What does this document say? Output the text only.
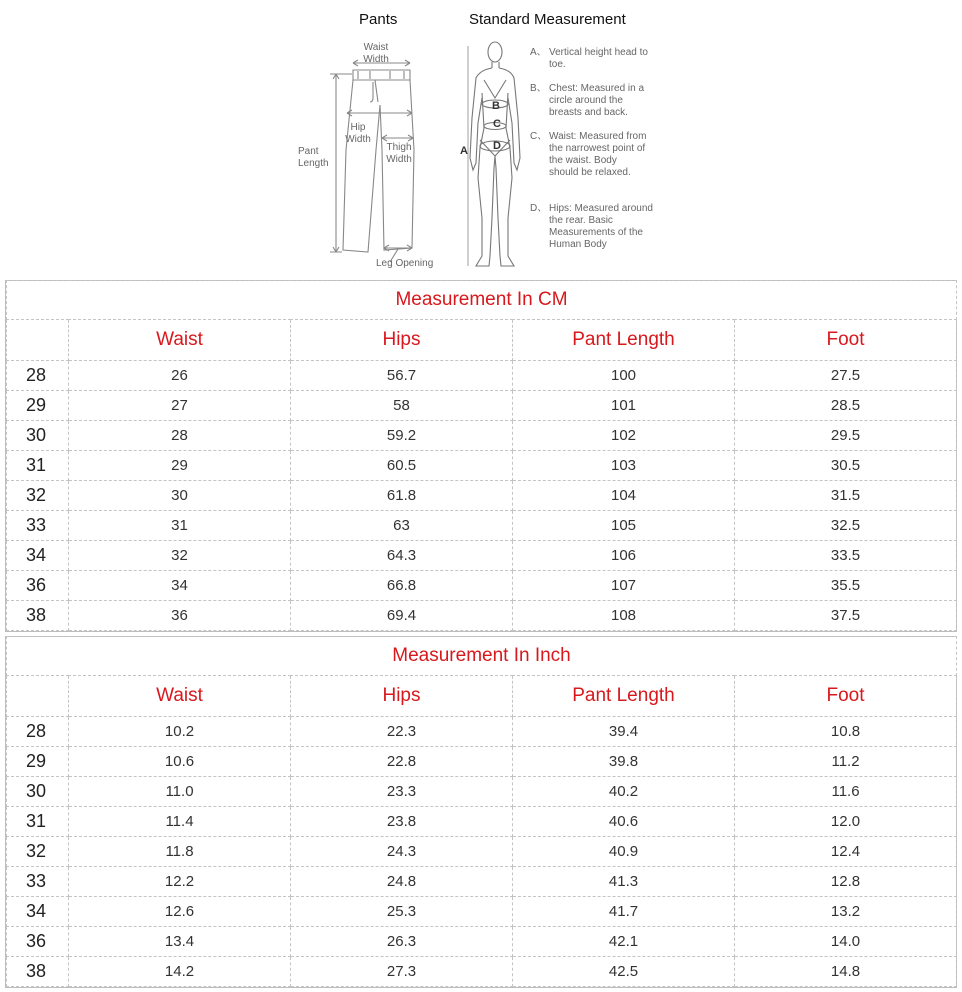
Pants	Standard Measurement
Waist
Width
Hip
Width
Thigh
Width
Pant
Length
Leg Opening
B
C
D
A
A、 Vertical height head to toe.
B、 Chest: Measured in a circle around the breasts and back.
C、 Waist: Measured from the narrowest point of the waist. Body should be relaxed.
D、 Hips: Measured around the rear. Basic Measurements of the Human Body
Measurement In CM				
	Waist	Hips	Pant Length	Foot
28	26	56.7	100	27.5
29	27	58	101	28.5
30	28	59.2	102	29.5
31	29	60.5	103	30.5
32	30	61.8	104	31.5
33	31	63	105	32.5
34	32	64.3	106	33.5
36	34	66.8	107	35.5
38	36	69.4	108	37.5
Measurement In Inch				
	Waist	Hips	Pant Length	Foot
28	10.2	22.3	39.4	10.8
29	10.6	22.8	39.8	11.2
30	11.0	23.3	40.2	11.6
31	11.4	23.8	40.6	12.0
32	11.8	24.3	40.9	12.4
33	12.2	24.8	41.3	12.8
34	12.6	25.3	41.7	13.2
36	13.4	26.3	42.1	14.0
38	14.2	27.3	42.5	14.8
